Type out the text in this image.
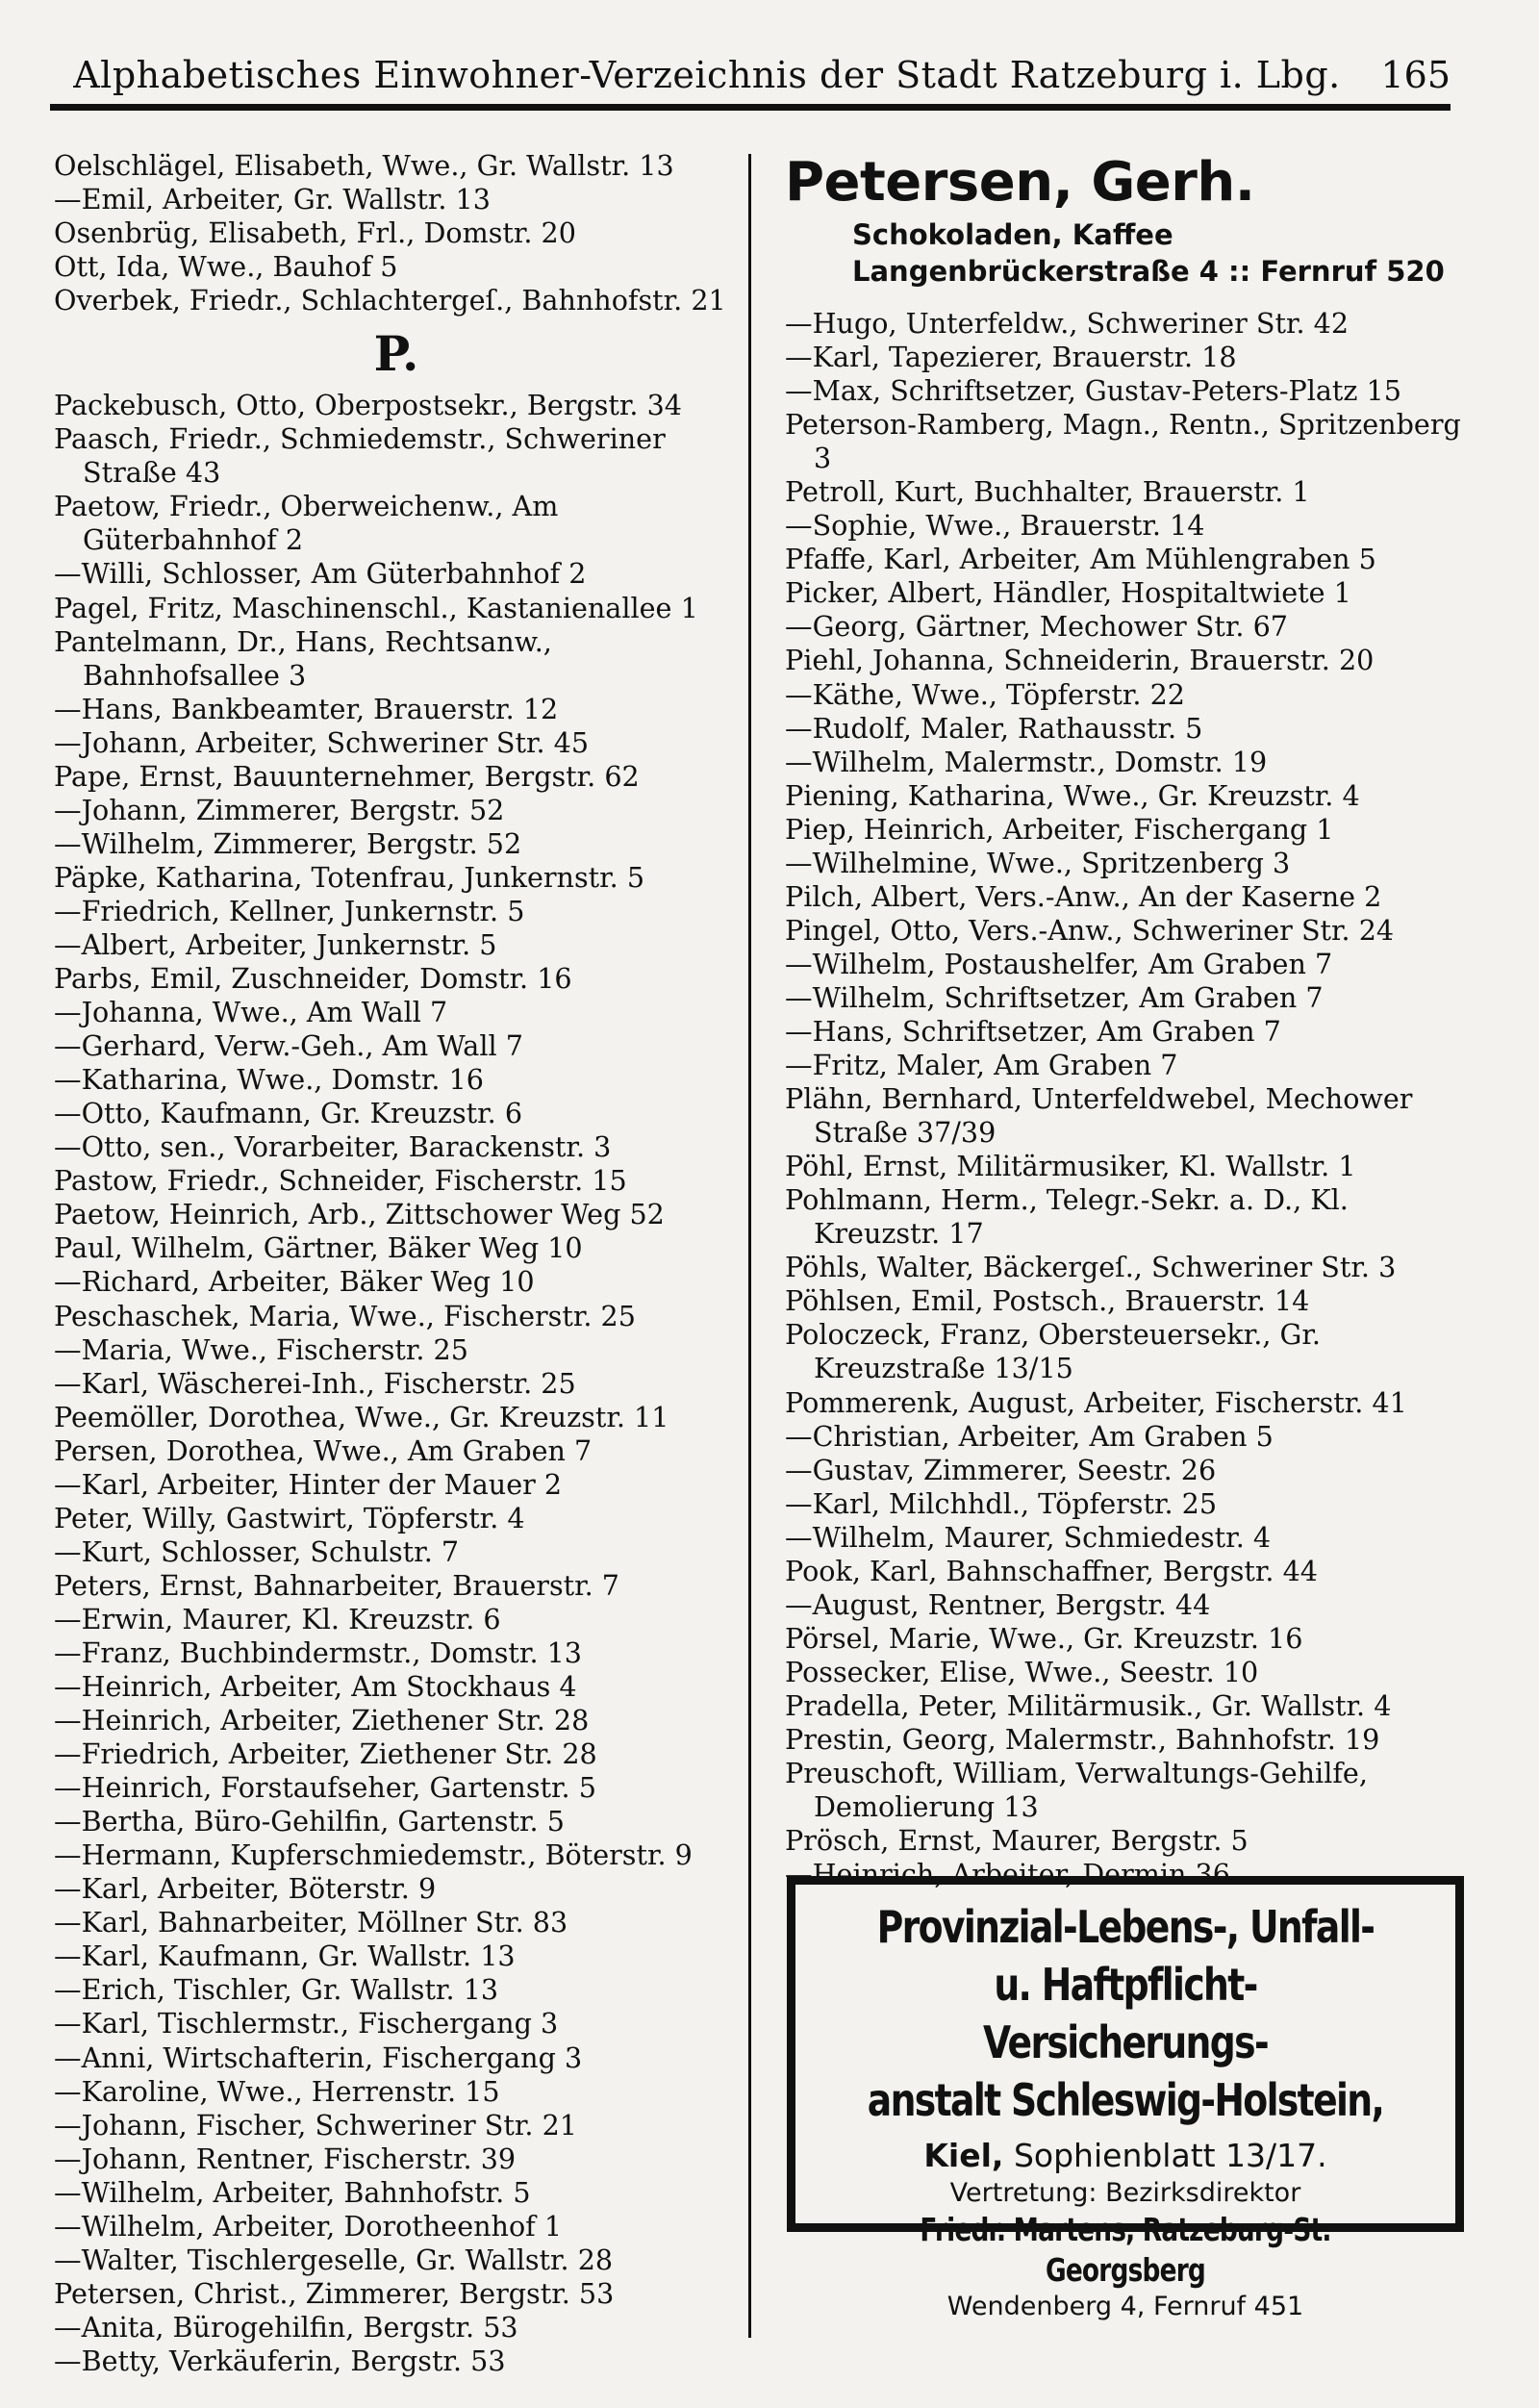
Alphabetisches Einwohner-Verzeichnis der Stadt Ratzeburg i. Lbg.	165

Oelschlägel, Elisabeth, Wwe., Gr. Wallstr. 13

—Emil, Arbeiter, Gr. Wallstr. 13

Osenbrüg, Elisabeth, Frl., Domstr. 20

Ott, Ida, Wwe., Bauhof 5

Overbek, Friedr., Schlachtergeſ., Bahnhofstr. 21

P.

Packebusch, Otto, Oberpostsekr., Bergstr. 34

Paasch, Friedr., Schmiedemstr., Schweriner Straße 43

Paetow, Friedr., Oberweichenw., Am Güterbahnhof 2

—Willi, Schlosser, Am Güterbahnhof 2

Pagel, Fritz, Maschinenschl., Kastanienallee 1

Pantelmann, Dr., Hans, Rechtsanw., Bahnhofsallee 3

—Hans, Bankbeamter, Brauerstr. 12

—Johann, Arbeiter, Schweriner Str. 45

Pape, Ernst, Bauunternehmer, Bergstr. 62

—Johann, Zimmerer, Bergstr. 52

—Wilhelm, Zimmerer, Bergstr. 52

Päpke, Katharina, Totenfrau, Junkernstr. 5

—Friedrich, Kellner, Junkernstr. 5

—Albert, Arbeiter, Junkernstr. 5

Parbs, Emil, Zuschneider, Domstr. 16

—Johanna, Wwe., Am Wall 7

—Gerhard, Verw.-Geh., Am Wall 7

—Katharina, Wwe., Domstr. 16

—Otto, Kaufmann, Gr. Kreuzstr. 6

—Otto, sen., Vorarbeiter, Barackenstr. 3

Pastow, Friedr., Schneider, Fischerstr. 15

Paetow, Heinrich, Arb., Zittschower Weg 52

Paul, Wilhelm, Gärtner, Bäker Weg 10

—Richard, Arbeiter, Bäker Weg 10

Peschaschek, Maria, Wwe., Fischerstr. 25

—Maria, Wwe., Fischerstr. 25

—Karl, Wäscherei-Inh., Fischerstr. 25

Peemöller, Dorothea, Wwe., Gr. Kreuzstr. 11

Persen, Dorothea, Wwe., Am Graben 7

—Karl, Arbeiter, Hinter der Mauer 2

Peter, Willy, Gastwirt, Töpferstr. 4

—Kurt, Schlosser, Schulstr. 7

Peters, Ernst, Bahnarbeiter, Brauerstr. 7

—Erwin, Maurer, Kl. Kreuzstr. 6

—Franz, Buchbindermstr., Domstr. 13

—Heinrich, Arbeiter, Am Stockhaus 4

—Heinrich, Arbeiter, Ziethener Str. 28

—Friedrich, Arbeiter, Ziethener Str. 28

—Heinrich, Forstaufseher, Gartenstr. 5

—Bertha, Büro-Gehilfin, Gartenstr. 5

—Hermann, Kupferschmiedemstr., Böterstr. 9

—Karl, Arbeiter, Böterstr. 9

—Karl, Bahnarbeiter, Möllner Str. 83

—Karl, Kaufmann, Gr. Wallstr. 13

—Erich, Tischler, Gr. Wallstr. 13

—Karl, Tischlermstr., Fischergang 3

—Anni, Wirtschafterin, Fischergang 3

—Karoline, Wwe., Herrenstr. 15

—Johann, Fischer, Schweriner Str. 21

—Johann, Rentner, Fischerstr. 39

—Wilhelm, Arbeiter, Bahnhofstr. 5

—Wilhelm, Arbeiter, Dorotheenhof 1

—Walter, Tischlergeselle, Gr. Wallstr. 28

Petersen, Christ., Zimmerer, Bergstr. 53

—Anita, Bürogehilfin, Bergstr. 53

—Betty, Verkäuferin, Bergstr. 53

Petersen, Gerh.
Schokoladen, Kaffee
Langenbrückerstraße 4 :: Fernruf 520

—Hugo, Unterfeldw., Schweriner Str. 42

—Karl, Tapezierer, Brauerstr. 18

—Max, Schriftsetzer, Gustav-Peters-Platz 15

Peterson-Ramberg, Magn., Rentn., Spritzenberg 3

Petroll, Kurt, Buchhalter, Brauerstr. 1

—Sophie, Wwe., Brauerstr. 14

Pfaffe, Karl, Arbeiter, Am Mühlengraben 5

Picker, Albert, Händler, Hospitaltwiete 1

—Georg, Gärtner, Mechower Str. 67

Piehl, Johanna, Schneiderin, Brauerstr. 20

—Käthe, Wwe., Töpferstr. 22

—Rudolf, Maler, Rathausstr. 5

—Wilhelm, Malermstr., Domstr. 19

Piening, Katharina, Wwe., Gr. Kreuzstr. 4

Piep, Heinrich, Arbeiter, Fischergang 1

—Wilhelmine, Wwe., Spritzenberg 3

Pilch, Albert, Vers.-Anw., An der Kaserne 2

Pingel, Otto, Vers.-Anw., Schweriner Str. 24

—Wilhelm, Postaushelfer, Am Graben 7

—Wilhelm, Schriftsetzer, Am Graben 7

—Hans, Schriftsetzer, Am Graben 7

—Fritz, Maler, Am Graben 7

Plähn, Bernhard, Unterfeldwebel, Mechower Straße 37/39

Pöhl, Ernst, Militärmusiker, Kl. Wallstr. 1

Pohlmann, Herm., Telegr.-Sekr. a. D., Kl. Kreuzstr. 17

Pöhls, Walter, Bäckergeſ., Schweriner Str. 3

Pöhlsen, Emil, Postsch., Brauerstr. 14

Poloczeck, Franz, Obersteuersekr., Gr. Kreuzstraße 13/15

Pommerenk, August, Arbeiter, Fischerstr. 41

—Christian, Arbeiter, Am Graben 5

—Gustav, Zimmerer, Seestr. 26

—Karl, Milchhdl., Töpferstr. 25

—Wilhelm, Maurer, Schmiedestr. 4

Pook, Karl, Bahnschaffner, Bergstr. 44

—August, Rentner, Bergstr. 44

Pörsel, Marie, Wwe., Gr. Kreuzstr. 16

Possecker, Elise, Wwe., Seestr. 10

Pradella, Peter, Militärmusik., Gr. Wallstr. 4

Prestin, Georg, Malermstr., Bahnhofstr. 19

Preuschoft, William, Verwaltungs-Gehilfe, Demolierung 13

Prösch, Ernst, Maurer, Bergstr. 5

—Heinrich, Arbeiter, Dermin 36

Provinzial-Lebens-, Unfall-
u. Haftpflicht-Versicherungs-
anstalt Schleswig-Holstein,
Kiel, Sophienblatt 13/17.
Vertretung: Bezirksdirektor
Friedr. Martens, Ratzeburg-St. Georgsberg
Wendenberg 4, Fernruf 451
